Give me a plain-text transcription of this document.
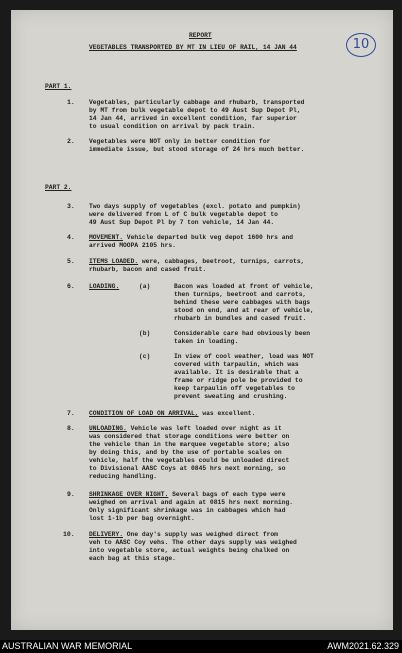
REPORT
VEGETABLES TRANSPORTED BY MT IN LIEU OF RAIL, 14 JAN 44	10
PART 1.
1. Vegetables, particularly cabbage and rhubarb, transported
by MT from bulk vegetable depot to 49 Aust Sup Depot Pl,
14 Jan 44, arrived in excellent condition, far superior
to usual condition on arrival by pack train.
2. Vegetables were NOT only in better condition for
immediate issue, but stood storage of 24 hrs much better.
PART 2.
3. Two days supply of vegetables (excl. potato and pumpkin)
were delivered from L of C bulk vegetable depot to
49 Aust Sup Depot Pl by 7 ton vehicle, 14 Jan 44.
4. MOVEMENT. Vehicle departed bulk veg depot 1600 hrs and
arrived MOOPA 2105 hrs.
5. ITEMS LOADED. were, cabbages, beetroot, turnips, carrots,
rhubarb, bacon and cased fruit.
6. LOADING.	(a)	Bacon was loaded at front of vehicle,
then turnips, beetroot and carrots,
behind these were cabbages with bags
stood on end, and at rear of vehicle,
rhubarb in bundles and cased fruit.
(b)	Considerable care had obviously been
taken in loading.
(c)	In view of cool weather, load was NOT
covered with tarpaulin, which was
available. It is desirable that a
frame or ridge pole be provided to
keep tarpaulin off vegetables to
prevent sweating and crushing.
7. CONDITION OF LOAD ON ARRIVAL, was excellent.
8. UNLOADING. Vehicle was left loaded over night as it
was considered that storage conditions were better on
the vehicle than in the marquee vegetable store; also
by doing this, and by the use of portable scales on
vehicle, half the vegetables could be unloaded direct
to Divisional AASC Coys at 0845 hrs next morning, so
reducing handling.
9. SHRINKAGE OVER NIGHT. Several bags of each type were
weighed on arrival and again at 0815 hrs next morning.
Only significant shrinkage was in cabbages which had
lost 1-1b per bag overnight.
10. DELIVERY. One day's supply was weighed direct from
veh to AASC Coy vehs. The other days supply was weighed
into vegetable store, actual weights being chalked on
each bag at this stage.
AUSTRALIAN WAR MEMORIAL	AWM2021.62.329
